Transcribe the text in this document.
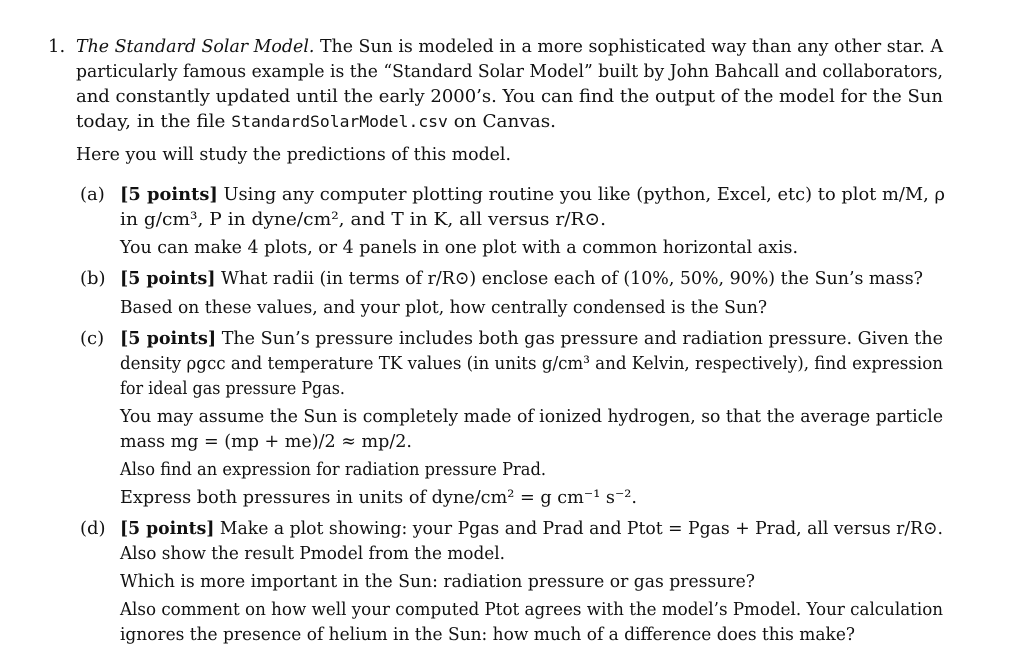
1. The Standard Solar Model. The Sun is modeled in a more sophisticated way than any other star. A
particularly famous example is the “Standard Solar Model” built by John Bahcall and collaborators,
and constantly updated until the early 2000’s. You can find the output of the model for the Sun
today, in the file StandardSolarModel.csv on Canvas.
Here you will study the predictions of this model.
(a) [5 points] Using any computer plotting routine you like (python, Excel, etc) to plot m/M, ρ
in g/cm³, P in dyne/cm², and T in K, all versus r/R⊙.
You can make 4 plots, or 4 panels in one plot with a common horizontal axis.
(b) [5 points] What radii (in terms of r/R⊙) enclose each of (10%, 50%, 90%) the Sun’s mass?
Based on these values, and your plot, how centrally condensed is the Sun?
(c) [5 points] The Sun’s pressure includes both gas pressure and radiation pressure. Given the
density ρgcc and temperature TK values (in units g/cm³ and Kelvin, respectively), find expression
for ideal gas pressure Pgas.
You may assume the Sun is completely made of ionized hydrogen, so that the average particle
mass mg = (mp + me)/2 ≈ mp/2.
Also find an expression for radiation pressure Prad.
Express both pressures in units of dyne/cm² = g cm⁻¹ s⁻².
(d) [5 points] Make a plot showing: your Pgas and Prad and Ptot = Pgas + Prad, all versus r/R⊙.
Also show the result Pmodel from the model.
Which is more important in the Sun: radiation pressure or gas pressure?
Also comment on how well your computed Ptot agrees with the model’s Pmodel. Your calculation
ignores the presence of helium in the Sun: how much of a difference does this make?
